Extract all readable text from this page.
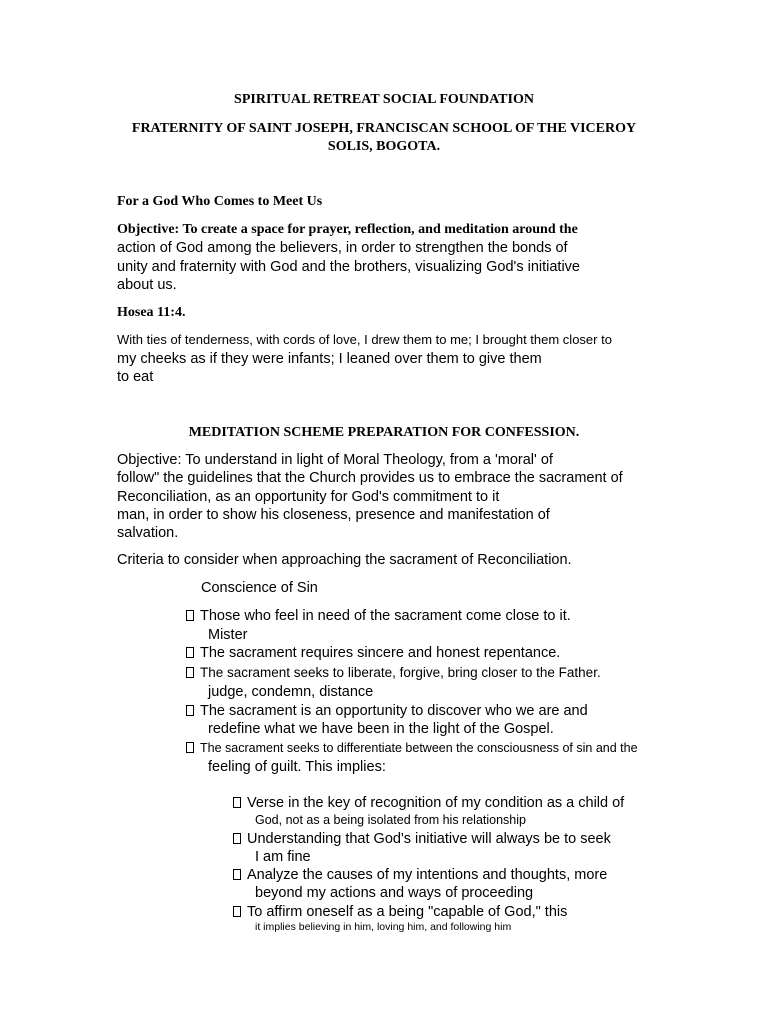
SPIRITUAL RETREAT SOCIAL FOUNDATION
FRATERNITY OF SAINT JOSEPH, FRANCISCAN SCHOOL OF THE VICEROY
SOLIS, BOGOTA.
For a God Who Comes to Meet Us
Objective: To create a space for prayer, reflection, and meditation around the
action of God among the believers, in order to strengthen the bonds of
unity and fraternity with God and the brothers, visualizing God's initiative
about us.
Hosea 11:4.
With ties of tenderness, with cords of love, I drew them to me; I brought them closer to
my cheeks as if they were infants; I leaned over them to give them
to eat
MEDITATION SCHEME PREPARATION FOR CONFESSION.
Objective: To understand in light of Moral Theology, from a 'moral' of
follow" the guidelines that the Church provides us to embrace the sacrament of
Reconciliation, as an opportunity for God's commitment to it
man, in order to show his closeness, presence and manifestation of
salvation.
Criteria to consider when approaching the sacrament of Reconciliation.
Conscience of Sin
Those who feel in need of the sacrament come close to it.
Mister
The sacrament requires sincere and honest repentance.
The sacrament seeks to liberate, forgive, bring closer to the Father.
judge, condemn, distance
The sacrament is an opportunity to discover who we are and
redefine what we have been in the light of the Gospel.
The sacrament seeks to differentiate between the consciousness of sin and the
feeling of guilt. This implies:
Verse in the key of recognition of my condition as a child of
God, not as a being isolated from his relationship
Understanding that God's initiative will always be to seek
I am fine
Analyze the causes of my intentions and thoughts, more
beyond my actions and ways of proceeding
To affirm oneself as a being "capable of God," this
it implies believing in him, loving him, and following him
